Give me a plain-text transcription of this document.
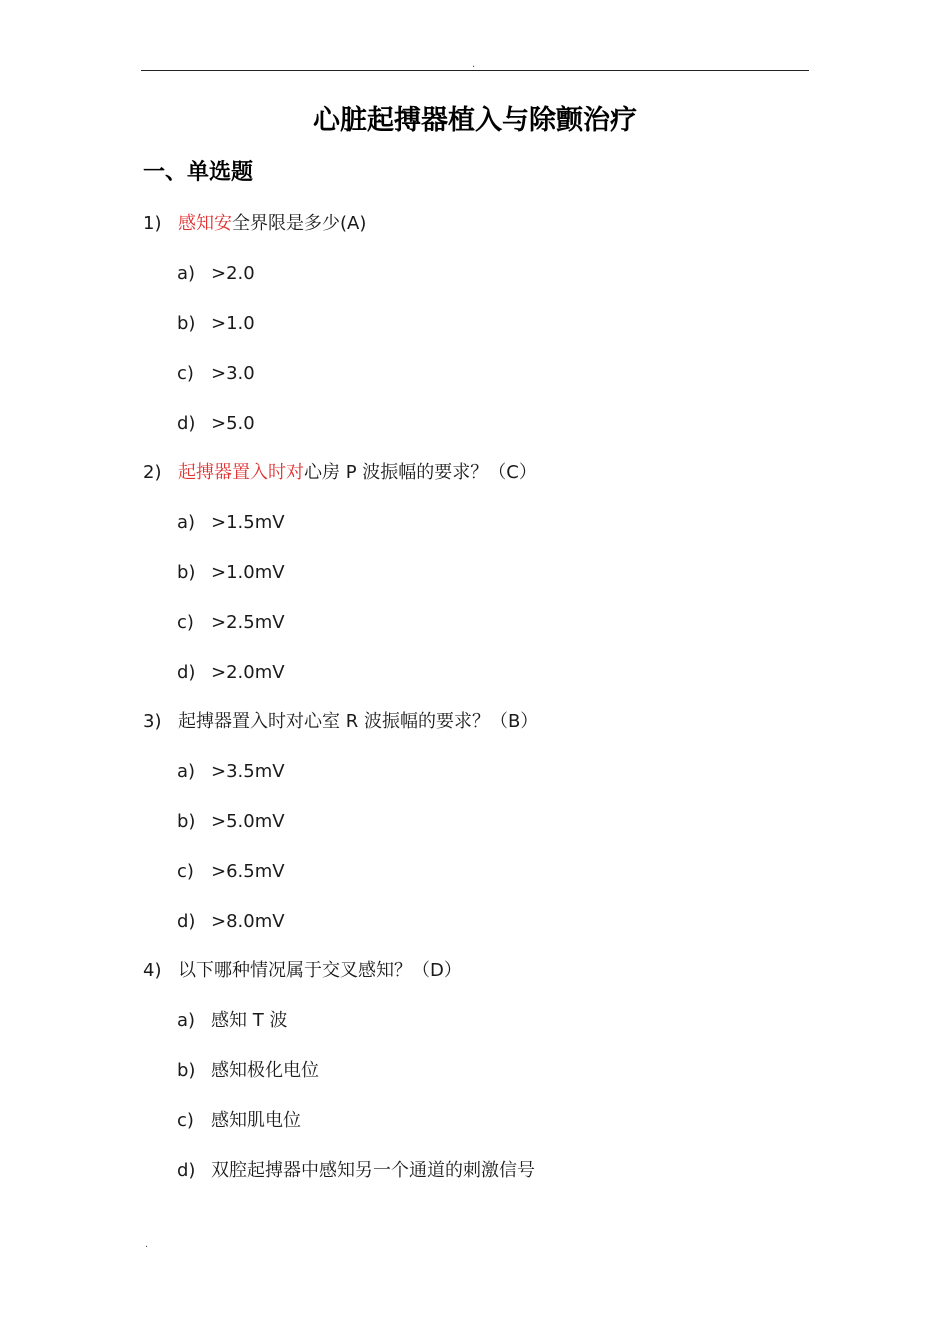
.
心脏起搏器植入与除颤治疗
一、单选题
1) 感知安全界限是多少(A)
a) >2.0
b) >1.0
c) >3.0
d) >5.0
2) 起搏器置入时对心房 P 波振幅的要求？（C）
a) >1.5mV
b) >1.0mV
c) >2.5mV
d) >2.0mV
3) 起搏器置入时对心室 R 波振幅的要求？（B）
a) >3.5mV
b) >5.0mV
c) >6.5mV
d) >8.0mV
4) 以下哪种情况属于交叉感知？（D）
a) 感知 T 波
b) 感知极化电位
c) 感知肌电位
d) 双腔起搏器中感知另一个通道的刺激信号
.
